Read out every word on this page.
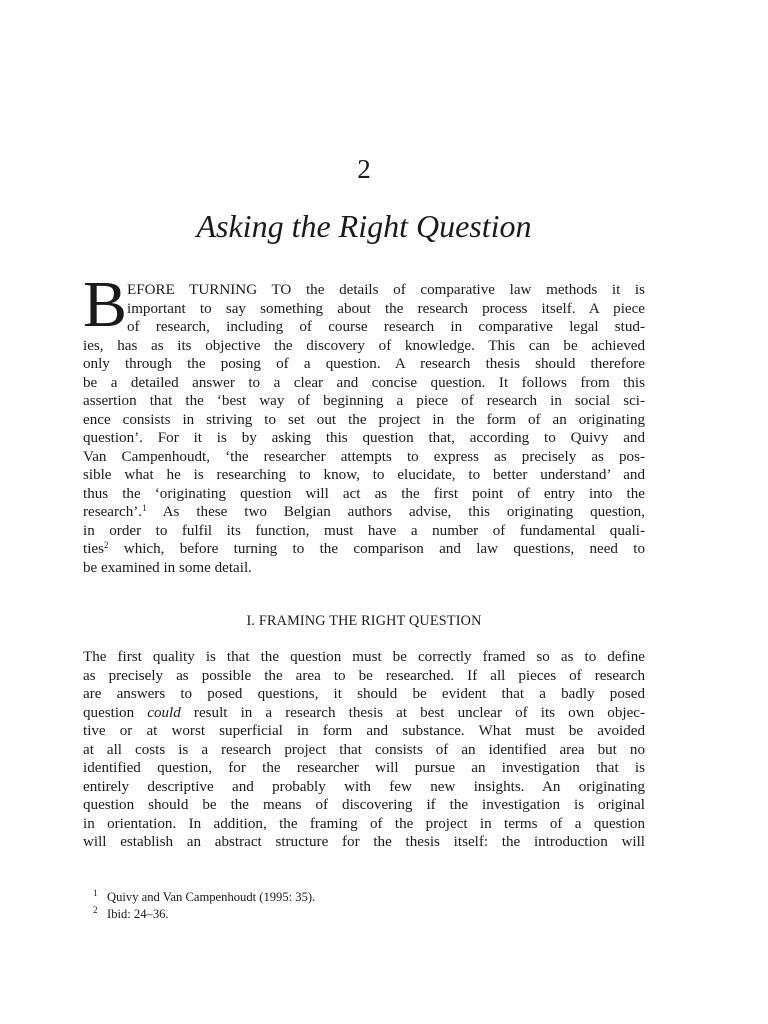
2
Asking the Right Question
B EFORE TURNING TO the details of comparative law methods it is
important to say something about the research process itself. A piece
of research, including of course research in comparative legal stud-
ies, has as its objective the discovery of knowledge. This can be achieved
only through the posing of a question. A research thesis should therefore
be a detailed answer to a clear and concise question. It follows from this
assertion that the ‘best way of beginning a piece of research in social sci-
ence consists in striving to set out the project in the form of an originating
question’. For it is by asking this question that, according to Quivy and
Van Campenhoudt, ‘the researcher attempts to express as precisely as pos-
sible what he is researching to know, to elucidate, to better understand’ and
thus the ‘originating question will act as the first point of entry into the
research’.$^1$ As these two Belgian authors advise, this originating question,
in order to fulfil its function, must have a number of fundamental quali-
ties$^2$ which, before turning to the comparison and law questions, need to
be examined in some detail.
I. FRAMING THE RIGHT QUESTION
The first quality is that the question must be correctly framed so as to define
as precisely as possible the area to be researched. If all pieces of research
are answers to posed questions, it should be evident that a badly posed
question could result in a research thesis at best unclear of its own objec-
tive or at worst superficial in form and substance. What must be avoided
at all costs is a research project that consists of an identified area but no
identified question, for the researcher will pursue an investigation that is
entirely descriptive and probably with few new insights. An originating
question should be the means of discovering if the investigation is original
in orientation. In addition, the framing of the project in terms of a question
will establish an abstract structure for the thesis itself: the introduction will
$^1$ Quivy and Van Campenhoudt (1995: 35).
$^2$ Ibid: 24–36.
